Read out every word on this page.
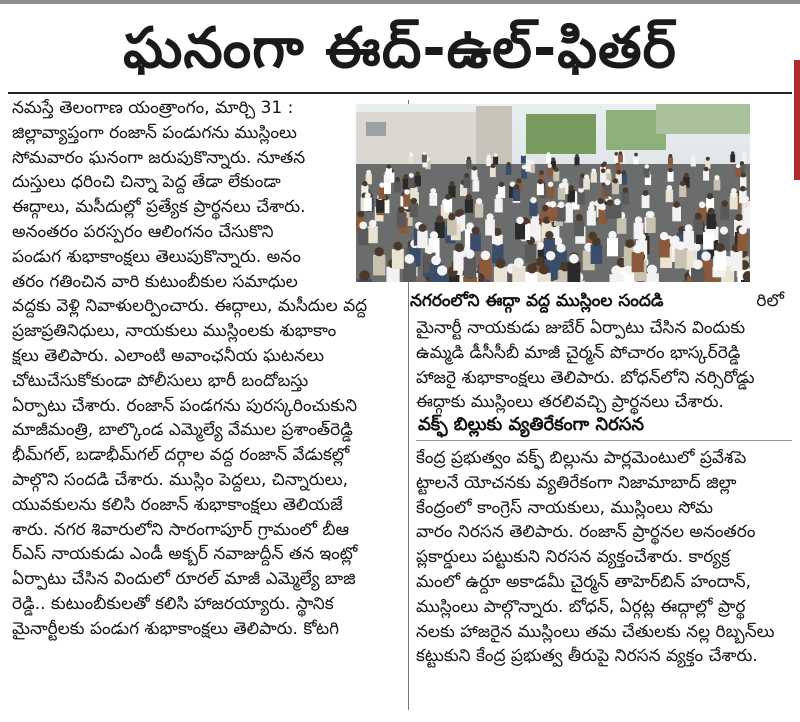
ఘనంగా ఈద్-ఉల్-ఫితర్
నమస్తే తెలంగాణ యంత్రాంగం, మార్చి 31 :
జిల్లావ్యాప్తంగా రంజాన్ పండుగను ముస్లింలు
సోమవారం ఘనంగా జరుపుకొన్నారు. నూతన
దుస్తులు ధరించి చిన్నా పెద్ద తేడా లేకుండా
ఈద్గాలు, మసీదుల్లో ప్రత్యేక ప్రార్థనలు చేశారు.
అనంతరం పరస్పరం ఆలింగనం చేసుకొని
పండుగ శుభాకాంక్షలు తెలుపుకొన్నారు. అనం
తరం గతించిన వారి కుటుంబీకుల సమాధుల
వద్దకు వెళ్లి నివాళులర్పించారు. ఈద్గాలు, మసీదుల వద్ద
ప్రజాప్రతినిధులు, నాయకులు ముస్లింలకు శుభాకాం
క్షలు తెలిపారు. ఎలాంటి అవాంఛనీయ ఘటనలు
చోటుచేసుకోకుండా పోలీసులు భారీ బందోబస్తు
ఏర్పాటు చేశారు. రంజాన్ పండగను పురస్కరించుకుని
మాజీమంత్రి, బాల్కొండ ఎమ్మెల్యే వేముల ప్రశాంత్‌రెడ్డి
భీమ్‌గల్, బడాభీమ్‌గల్ దర్గాల వద్ద రంజాన్ వేడుకల్లో
పాల్గొని సందడి చేశారు. ముస్లిం పెద్దలు, చిన్నారులు,
యువకులను కలిసి రంజాన్ శుభాకాంక్షలు తెలియజే
శారు. నగర శివారులోని సారంగాపూర్ గ్రామంలో బీఆ
ర్‌ఎస్ నాయకుడు ఎండీ అక్బర్ నవాజుద్దీన్ తన ఇంట్లో
ఏర్పాటు చేసిన విందులో రూరల్ మాజీ ఎమ్మెల్యే బాజి
రెడ్డి.. కుటుంబీకులతో కలిసి హాజరయ్యారు. స్థానిక
మైనార్టీలకు పండుగ శుభాకాంక్షలు తెలిపారు. కోటగి
నగరంలోని ఈద్గా వద్ద ముస్లింల సందడి	రిలో
మైనార్టీ నాయకుడు జుబేర్ ఏర్పాటు చేసిన విందుకు
ఉమ్మడి డీసీసీబీ మాజీ చైర్మన్ పోచారం భాస్కర్‌రెడ్డి
హాజరై శుభాకాంక్షలు తెలిపారు. బోధన్‌లోని నర్సిరోడ్డు
ఈద్గాకు ముస్లింలు తరలివచ్చి ప్రార్థనలు చేశారు.
వక్ఫ్ బిల్లుకు వ్యతిరేకంగా నిరసన
కేంద్ర ప్రభుత్వం వక్ఫ్ బిల్లును పార్లమెంటులో ప్రవేశపె
ట్టాలనే యోచనకు వ్యతిరేకంగా నిజామాబాద్ జిల్లా
కేంద్రంలో కాంగ్రెస్ నాయకులు, ముస్లింలు సోమ
వారం నిరసన తెలిపారు. రంజాన్ ప్రార్థనల అనంతరం
ప్లకార్డులు పట్టుకుని నిరసన వ్యక్తంచేశారు. కార్యక్ర
మంలో ఉర్దూ అకాడమీ చైర్మన్ తాహెర్‌బిన్ హందాన్,
ముస్లింలు పాల్గొన్నారు. బోధన్, ఏర్గట్ల ఈద్గాల్లో ప్రార్థ
నలకు హాజరైన ముస్లింలు తమ చేతులకు నల్ల రిబ్బన్‌లు
కట్టుకుని కేంద్ర ప్రభుత్వ తీరుపై నిరసన వ్యక్తం చేశారు.
